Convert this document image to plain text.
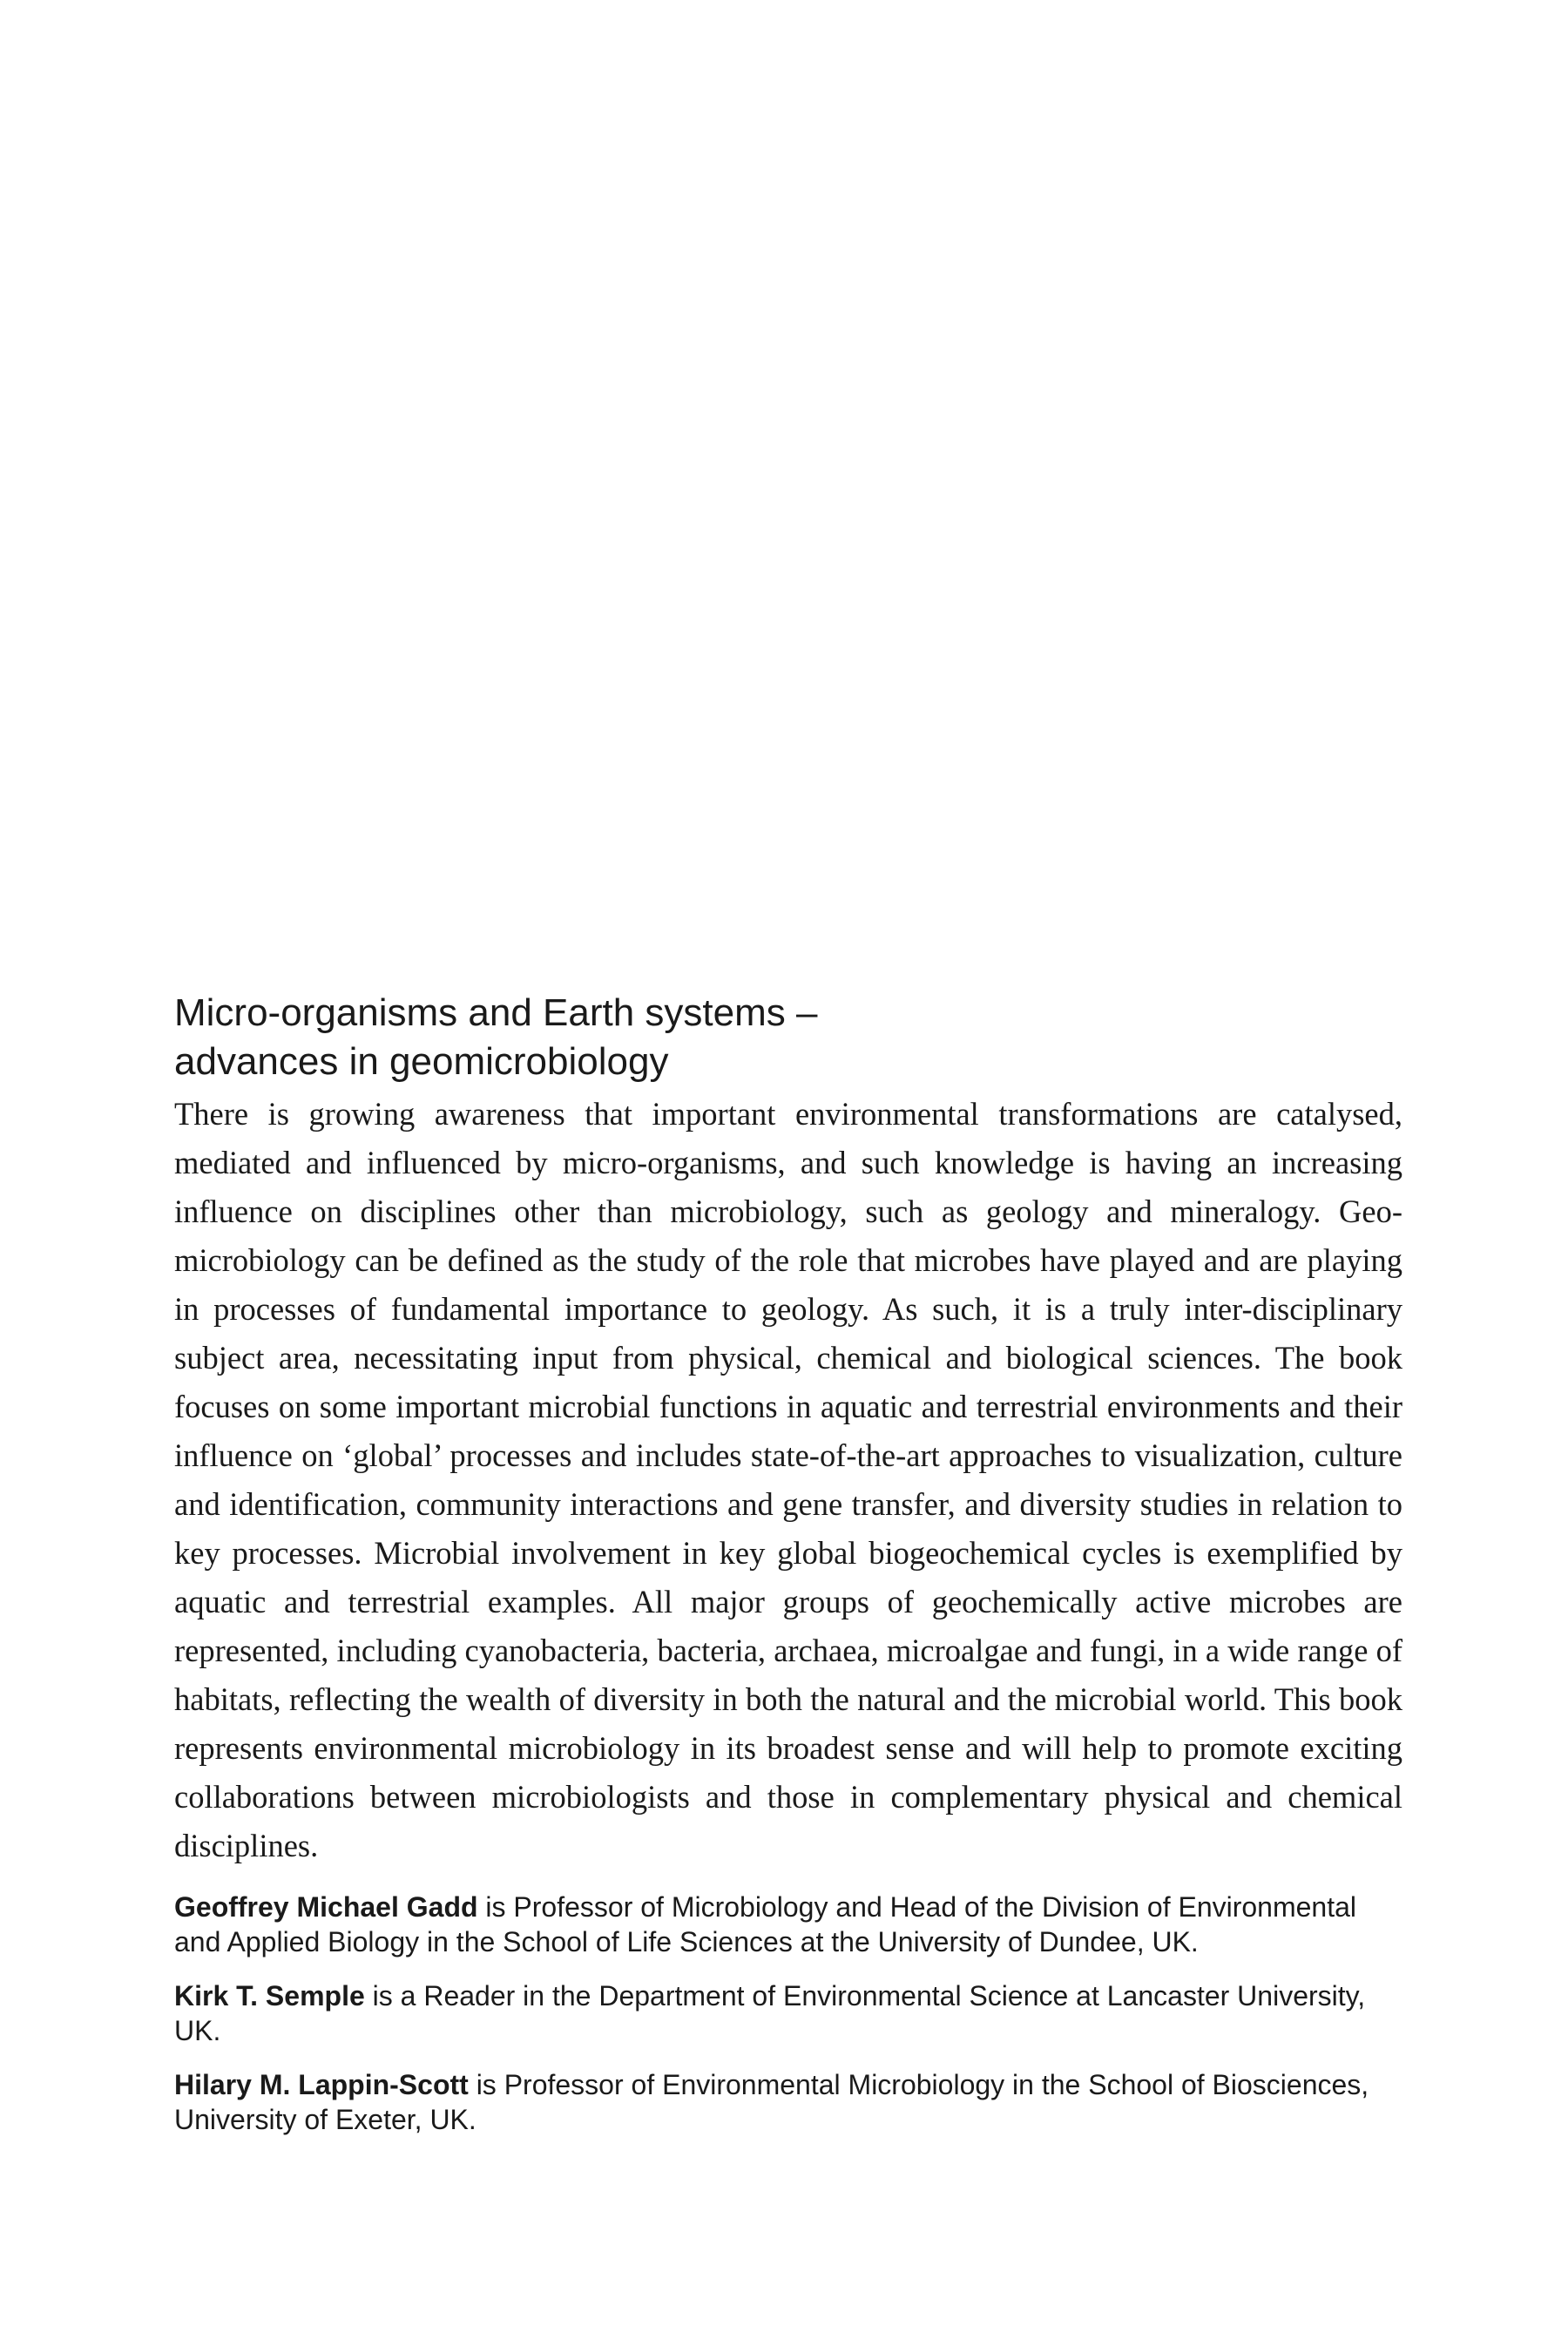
Micro-organisms and Earth systems –
advances in geomicrobiology

There is growing awareness that important environmental transformations are catalysed, mediated and influenced by micro-organisms, and such knowledge is having an increasing influence on disciplines other than microbiology, such as geology and mineralogy. Geo-microbiology can be defined as the study of the role that microbes have played and are playing in processes of fundamental importance to geology. As such, it is a truly inter-disciplinary subject area, necessitating input from physical, chemical and biological sciences. The book focuses on some important microbial functions in aquatic and terrestrial environments and their influence on ‘global’ processes and includes state-of-the-art approaches to visualization, culture and identification, community interactions and gene transfer, and diversity studies in relation to key processes. Microbial involvement in key global biogeochemical cycles is exemplified by aquatic and terrestrial examples. All major groups of geochemically active microbes are represented, including cyanobacteria, bacteria, archaea, microalgae and fungi, in a wide range of habitats, reflecting the wealth of diversity in both the natural and the microbial world. This book represents environmental microbiology in its broadest sense and will help to promote exciting collaborations between microbiologists and those in complementary physical and chemical disciplines.

Geoffrey Michael Gadd is Professor of Microbiology and Head of the Division of Environmental and Applied Biology in the School of Life Sciences at the University of Dundee, UK.

Kirk T. Semple is a Reader in the Department of Environmental Science at Lancaster University, UK.

Hilary M. Lappin-Scott is Professor of Environmental Microbiology in the School of Biosciences, University of Exeter, UK.
